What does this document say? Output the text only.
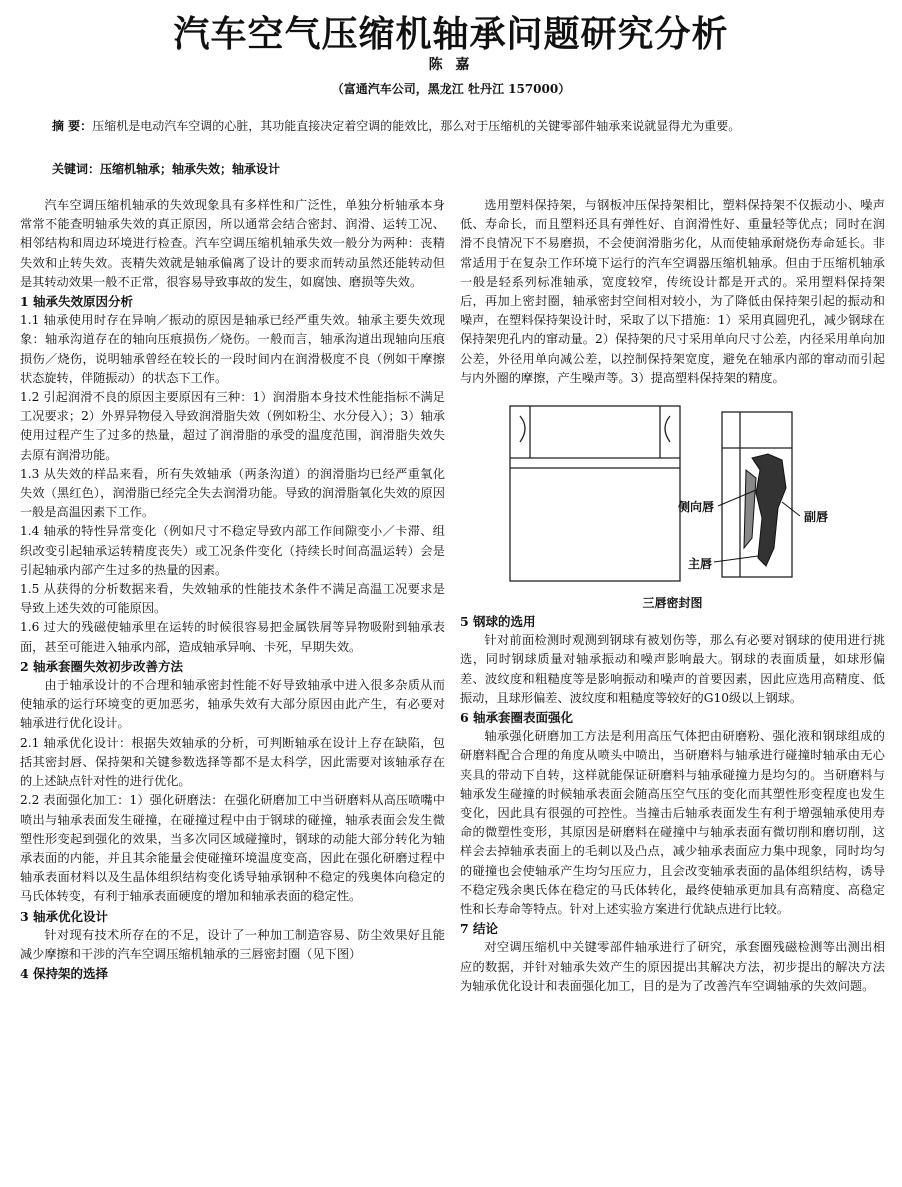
汽车空气压缩机轴承问题研究分析
陈 嘉
（富通汽车公司，黑龙江 牡丹江 157000）
摘 要：压缩机是电动汽车空调的心脏，其功能直接决定着空调的能效比，那么对于压缩机的关键零部件轴承来说就显得尤为重要。
关键词：压缩机轴承；轴承失效；轴承设计

汽车空调压缩机轴承的失效现象具有多样性和广泛性，单独分析轴承本身常常不能查明轴承失效的真正原因，所以通常会结合密封、润滑、运转工况、相邻结构和周边环境进行检查。汽车空调压缩机轴承失效一般分为两种：丧精失效和止转失效。丧精失效就是轴承偏离了设计的要求而转动虽然还能转动但是其转动效果一般不正常，很容易导致事故的发生，如腐蚀、磨损等失效。

1 轴承失效原因分析

1.1 轴承使用时存在异响／振动的原因是轴承已经严重失效。轴承主要失效现象：轴承沟道存在的轴向压痕损伤／烧伤。一般而言，轴承沟道出现轴向压痕损伤／烧伤，说明轴承曾经在较长的一段时间内在润滑极度不良（例如干摩擦状态旋转，伴随振动）的状态下工作。

1.2 引起润滑不良的原因主要原因有三种：1）润滑脂本身技术性能指标不满足工况要求；2）外界异物侵入导致润滑脂失效（例如粉尘、水分侵入）；3）轴承使用过程产生了过多的热量，超过了润滑脂的承受的温度范围，润滑脂失效失去原有润滑功能。

1.3 从失效的样品来看，所有失效轴承（两条沟道）的润滑脂均已经严重氧化失效（黑红色），润滑脂已经完全失去润滑功能。导致的润滑脂氧化失效的原因一般是高温因素下工作。

1.4 轴承的特性异常变化（例如尺寸不稳定导致内部工作间隙变小／卡滞、组织改变引起轴承运转精度丧失）或工况条件变化（持续长时间高温运转）会是引起轴承内部产生过多的热量的因素。

1.5 从获得的分析数据来看，失效轴承的性能技术条件不满足高温工况要求是导致上述失效的可能原因。

1.6 过大的残磁使轴承里在运转的时候很容易把金属铁屑等异物吸附到轴承表面，甚至可能进入轴承内部，造成轴承异响、卡死，早期失效。

2 轴承套圈失效初步改善方法

由于轴承设计的不合理和轴承密封性能不好导致轴承中进入很多杂质从而使轴承的运行环境变的更加恶劣，轴承失效有大部分原因由此产生，有必要对轴承进行优化设计。

2.1 轴承优化设计：根据失效轴承的分析，可判断轴承在设计上存在缺陷，包括其密封唇、保持架和关键参数选择等都不是太科学，因此需要对该轴承存在的上述缺点针对性的进行优化。

2.2 表面强化加工：1）强化研磨法：在强化研磨加工中当研磨料从高压喷嘴中喷出与轴承表面发生碰撞，在碰撞过程中由于钢球的碰撞，轴承表面会发生微塑性形变起到强化的效果，当多次同区域碰撞时，钢球的动能大部分转化为轴承表面的内能，并且其余能量会使碰撞环境温度变高，因此在强化研磨过程中轴承表面材料以及生晶体组织结构变化诱导轴承钢种不稳定的残奥体向稳定的马氏体转变，有利于轴承表面硬度的增加和轴承表面的稳定性。

3 轴承优化设计

针对现有技术所存在的不足，设计了一种加工制造容易、防尘效果好且能减少摩擦和干涉的汽车空调压缩机轴承的三唇密封圈（见下图）

4 保持架的选择

选用塑料保持架，与钢板冲压保持架相比，塑料保持架不仅振动小、噪声低、寿命长，而且塑料还具有弹性好、自润滑性好、重量轻等优点；同时在润滑不良情况下不易磨损，不会使润滑脂劣化，从而使轴承耐烧伤寿命延长。非常适用于在复杂工作环境下运行的汽车空调器压缩机轴承。但由于压缩机轴承一般是轻系列标准轴承，宽度较窄，传统设计都是开式的。采用塑料保持架后，再加上密封圈，轴承密封空间相对较小，为了降低由保持架引起的振动和噪声，在塑料保持架设计时，采取了以下措施：1）采用真圆兜孔，减少钢球在保持架兜孔内的窜动量。2）保持架的尺寸采用单向尺寸公差，内径采用单向加公差，外径用单向减公差，以控制保持架宽度，避免在轴承内部的窜动而引起与内外圈的摩擦，产生噪声等。3）提高塑料保持架的精度。

侧向唇
副唇
主唇
三唇密封图
5 钢球的选用

针对前面检测时观测到钢球有被划伤等，那么有必要对钢球的使用进行挑选，同时钢球质量对轴承振动和噪声影响最大。钢球的表面质量，如球形偏差、波纹度和粗糙度等是影响振动和噪声的首要因素，因此应选用高精度、低振动，且球形偏差、波纹度和粗糙度等较好的G10级以上钢球。

6 轴承套圈表面强化

轴承强化研磨加工方法是利用高压气体把由研磨粉、强化液和钢球组成的研磨料配合合理的角度从喷头中喷出，当研磨料与轴承进行碰撞时轴承由无心夹具的带动下自转，这样就能保证研磨料与轴承碰撞力是均匀的。当研磨料与轴承发生碰撞的时候轴承表面会随高压空气压的变化而其塑性形变程度也发生变化，因此具有很强的可控性。当撞击后轴承表面发生有利于增强轴承使用寿命的微塑性变形，其原因是研磨料在碰撞中与轴承表面有微切削和磨切削，这样会去掉轴承表面上的毛刺以及凸点，减少轴承表面应力集中现象，同时均匀的碰撞也会使轴承产生均匀压应力，且会改变轴承表面的晶体组织结构，诱导不稳定残余奥氏体在稳定的马氏体转化，最终使轴承更加具有高精度、高稳定性和长寿命等特点。针对上述实验方案进行优缺点进行比较。

7 结论

对空调压缩机中关键零部件轴承进行了研究，承套圈残磁检测等出测出相应的数据，并针对轴承失效产生的原因提出其解决方法，初步提出的解决方法为轴承优化设计和表面强化加工，目的是为了改善汽车空调轴承的失效问题。
